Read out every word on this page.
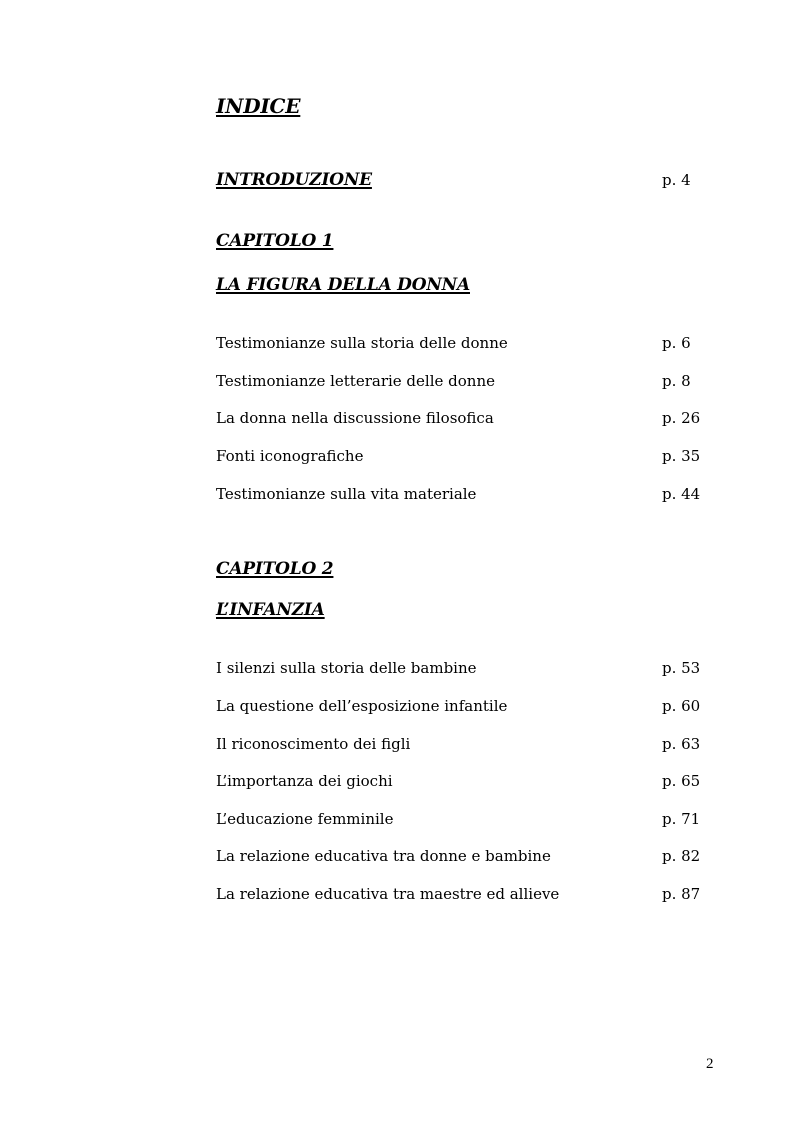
INDICE
INTRODUZIONE	p. 4
CAPITOLO 1
LA FIGURA DELLA DONNA
Testimonianze sulla storia delle donne	p. 6
Testimonianze letterarie delle donne	p. 8
La donna nella discussione filosofica	p. 26
Fonti iconografiche	p. 35
Testimonianze sulla vita materiale	p. 44
CAPITOLO 2
L’INFANZIA
I silenzi sulla storia delle bambine	p. 53
La questione dell’esposizione infantile	p. 60
Il riconoscimento dei figli	p. 63
L’importanza dei giochi	p. 65
L’educazione femminile	p. 71
La relazione educativa tra donne e bambine	p. 82
La relazione educativa tra maestre ed allieve	p. 87
2
